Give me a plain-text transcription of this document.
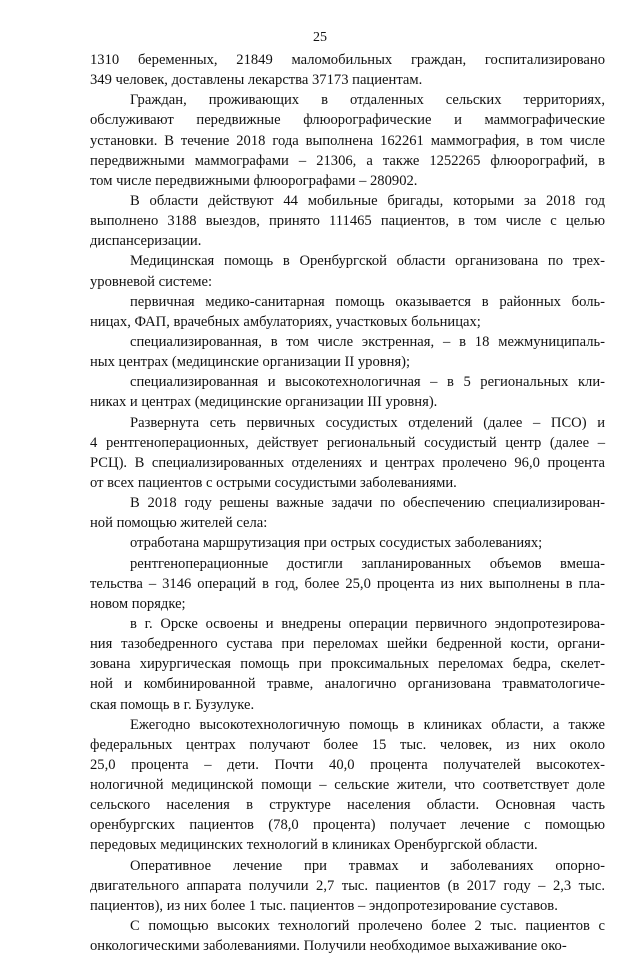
25
1310 беременных, 21849 маломобильных граждан, госпитализировано
349 человек, доставлены лекарства 37173 пациентам.
Граждан, проживающих в отдаленных сельских территориях,
обслуживают передвижные флюорографические и маммографические
установки. В течение 2018 года выполнена 162261 маммография, в том числе
передвижными маммографами – 21306, а также 1252265 флюорографий, в
том числе передвижными флюорографами – 280902.
В области действуют 44 мобильные бригады, которыми за 2018 год
выполнено 3188 выездов, принято 111465 пациентов, в том числе с целью
диспансеризации.
Медицинская помощь в Оренбургской области организована по трех-
уровневой системе:
первичная медико-санитарная помощь оказывается в районных боль-
ницах, ФАП, врачебных амбулаториях, участковых больницах;
специализированная, в том числе экстренная, – в 18 межмуниципаль-
ных центрах (медицинские организации II уровня);
специализированная и высокотехнологичная – в 5 региональных кли-
никах и центрах (медицинские организации III уровня).
Развернута сеть первичных сосудистых отделений (далее – ПСО) и
4 рентгеноперационных, действует региональный сосудистый центр (далее –
РСЦ). В специализированных отделениях и центрах пролечено 96,0 процента
от всех пациентов с острыми сосудистыми заболеваниями.
В 2018 году решены важные задачи по обеспечению специализирован-
ной помощью жителей села:
отработана маршрутизация при острых сосудистых заболеваниях;
рентгеноперационные достигли запланированных объемов вмеша-
тельства – 3146 операций в год, более 25,0 процента из них выполнены в пла-
новом порядке;
в г. Орске освоены и внедрены операции первичного эндопротезирова-
ния тазобедренного сустава при переломах шейки бедренной кости, органи-
зована хирургическая помощь при проксимальных переломах бедра, скелет-
ной и комбинированной травме, аналогично организована травматологиче-
ская помощь в г. Бузулуке.
Ежегодно высокотехнологичную помощь в клиниках области, а также
федеральных центрах получают более 15 тыс. человек, из них около
25,0 процента – дети. Почти 40,0 процента получателей высокотех-
нологичной медицинской помощи – сельские жители, что соответствует доле
сельского населения в структуре населения области. Основная часть
оренбургских пациентов (78,0 процента) получает лечение с помощью
передовых медицинских технологий в клиниках Оренбургской области.
Оперативное лечение при травмах и заболеваниях опорно-
двигательного аппарата получили 2,7 тыс. пациентов (в 2017 году – 2,3 тыс.
пациентов), из них более 1 тыс. пациентов – эндопротезирование суставов.
С помощью высоких технологий пролечено более 2 тыс. пациентов с
онкологическими заболеваниями. Получили необходимое выхаживание око-
